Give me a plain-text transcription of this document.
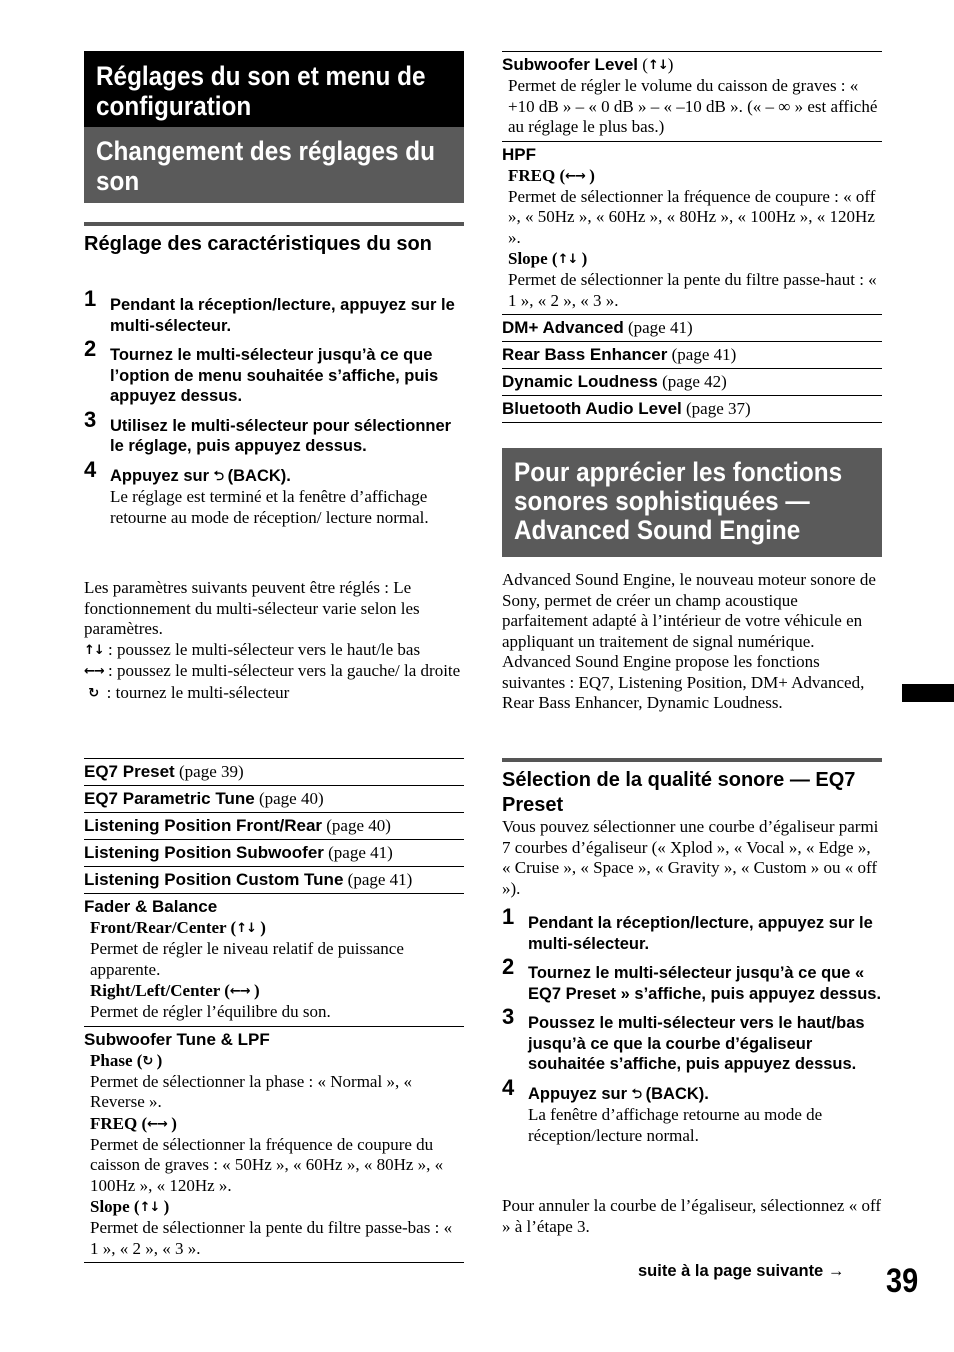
Réglages du son et menu de configuration
Changement des réglages du son
Réglage des caractéristiques du son
1 Pendant la réception/lecture, appuyez sur le multi-sélecteur.
2 Tournez le multi-sélecteur jusqu’à ce que l’option de menu souhaitée s’affiche, puis appuyez dessus.
3 Utilisez le multi-sélecteur pour sélectionner le réglage, puis appuyez dessus.
4 Appuyez sur ⮌ (BACK).
Le réglage est terminé et la fenêtre d’affichage retourne au mode de réception/ lecture normal.

Les paramètres suivants peuvent être réglés : Le fonctionnement du multi-sélecteur varie selon les paramètres.

↑↓ : poussez le multi-sélecteur vers le haut/le bas

←→ : poussez le multi-sélecteur vers la gauche/ la droite

↻ : tournez le multi-sélecteur

EQ7 Preset (page 39)
EQ7 Parametric Tune (page 40)
Listening Position Front/Rear (page 40)
Listening Position Subwoofer (page 41)
Listening Position Custom Tune (page 41)
Fader & Balance
Front/Rear/Center (↑↓ )

Permet de régler le niveau relatif de puissance apparente.

Right/Left/Center (←→ )

Permet de régler l’équilibre du son.

Subwoofer Tune & LPF
Phase (↻ )

Permet de sélectionner la phase : « Normal », « Reverse ».

FREQ (←→ )

Permet de sélectionner la fréquence de coupure du caisson de graves : « 50Hz », « 60Hz », « 80Hz », « 100Hz », « 120Hz ».

Slope (↑↓ )

Permet de sélectionner la pente du filtre passe-bas : « 1 », « 2 », « 3 ».

Subwoofer Level (↑↓)

Permet de régler le volume du caisson de graves : « +10 dB » – « 0 dB » – « –10 dB ». (« – ∞ » est affiché au réglage le plus bas.)

HPF
FREQ (←→ )

Permet de sélectionner la fréquence de coupure : « off », « 50Hz », « 60Hz », « 80Hz », « 100Hz », « 120Hz ».

Slope (↑↓ )

Permet de sélectionner la pente du filtre passe-haut : « 1 », « 2 », « 3 ».

DM+ Advanced (page 41)
Rear Bass Enhancer (page 41)
Dynamic Loudness (page 42)
Bluetooth Audio Level (page 37)
Pour apprécier les fonctions sonores sophistiquées — Advanced Sound Engine

Advanced Sound Engine, le nouveau moteur sonore de Sony, permet de créer un champ acoustique parfaitement adapté à l’intérieur de votre véhicule en appliquant un traitement de signal numérique. Advanced Sound Engine propose les fonctions suivantes : EQ7, Listening Position, DM+ Advanced, Rear Bass Enhancer, Dynamic Loudness.

Sélection de la qualité sonore — EQ7 Preset

Vous pouvez sélectionner une courbe d’égaliseur parmi 7 courbes d’égaliseur (« Xplod », « Vocal », « Edge », « Cruise », « Space », « Gravity », « Custom » ou « off »).

1 Pendant la réception/lecture, appuyez sur le multi-sélecteur.
2 Tournez le multi-sélecteur jusqu’à ce que « EQ7 Preset » s’affiche, puis appuyez dessus.
3 Poussez le multi-sélecteur vers le haut/bas jusqu’à ce que la courbe d’égaliseur souhaitée s’affiche, puis appuyez dessus.
4 Appuyez sur ⮌ (BACK).
La fenêtre d’affichage retourne au mode de réception/lecture normal.

Pour annuler la courbe de l’égaliseur, sélectionnez « off » à l’étape 3.

suite à la page suivante → 39
